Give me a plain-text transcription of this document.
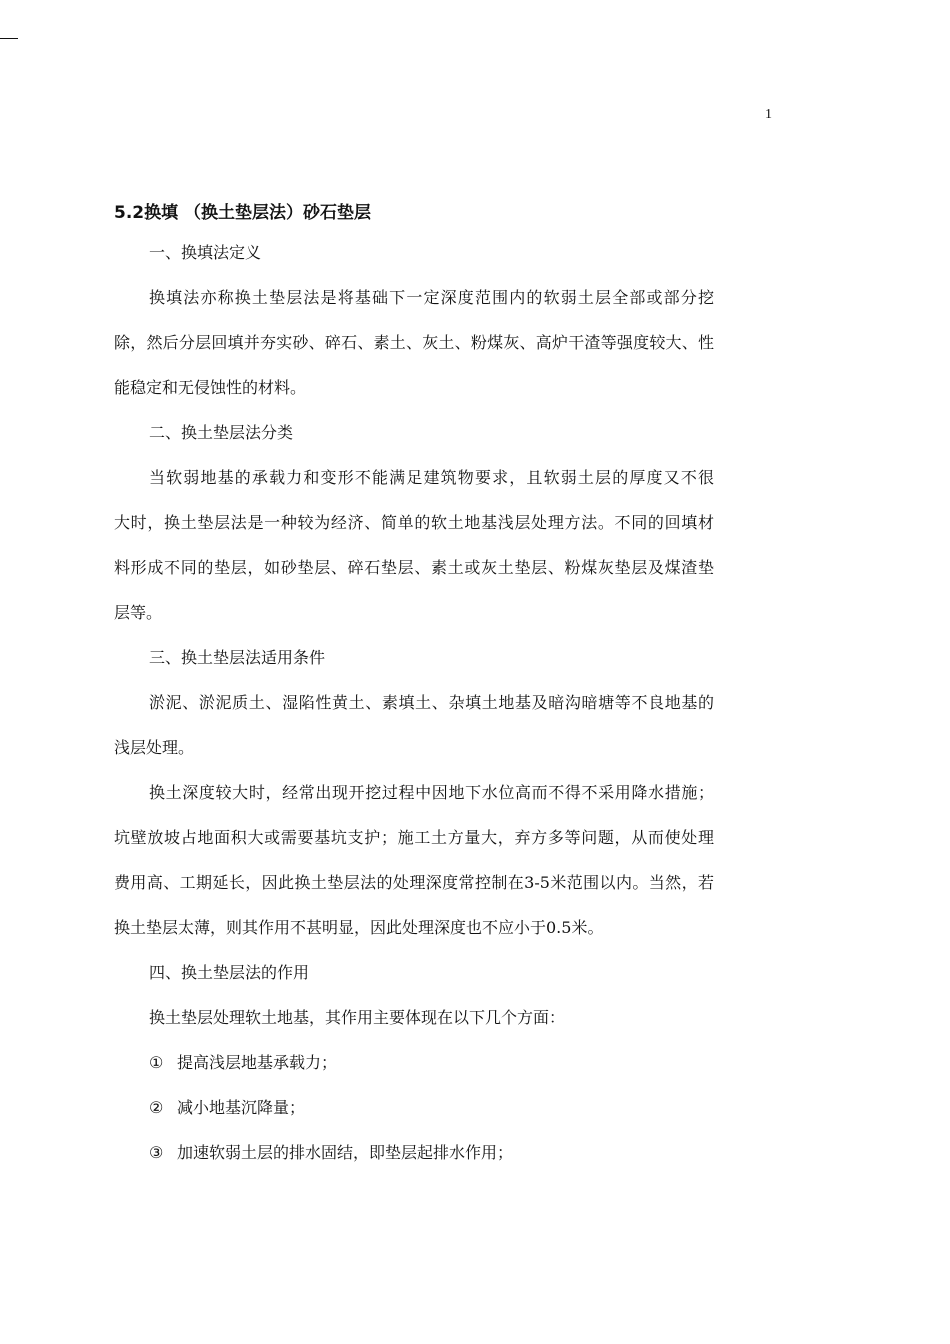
1
5.2换填 （换土垫层法）砂石垫层

一、换填法定义

换填法亦称换土垫层法是将基础下一定深度范围内的软弱土层全部或部分挖

除，然后分层回填并夯实砂、碎石、素土、灰土、粉煤灰、高炉干渣等强度较大、性

能稳定和无侵蚀性的材料。

二、换土垫层法分类

当软弱地基的承载力和变形不能满足建筑物要求，且软弱土层的厚度又不很

大时，换土垫层法是一种较为经济、简单的软土地基浅层处理方法。不同的回填材

料形成不同的垫层，如砂垫层、碎石垫层、素土或灰土垫层、粉煤灰垫层及煤渣垫

层等。

三、换土垫层法适用条件

淤泥、淤泥质土、湿陷性黄土、素填土、杂填土地基及暗沟暗塘等不良地基的

浅层处理。

换土深度较大时，经常出现开挖过程中因地下水位高而不得不采用降水措施；

坑壁放坡占地面积大或需要基坑支护；施工土方量大，弃方多等问题，从而使处理

费用高、工期延长，因此换土垫层法的处理深度常控制在3-5米范围以内。当然，若

换土垫层太薄，则其作用不甚明显，因此处理深度也不应小于0.5米。

四、换土垫层法的作用

换土垫层处理软土地基，其作用主要体现在以下几个方面：

① 提高浅层地基承载力；
② 减小地基沉降量；
③ 加速软弱土层的排水固结，即垫层起排水作用；
